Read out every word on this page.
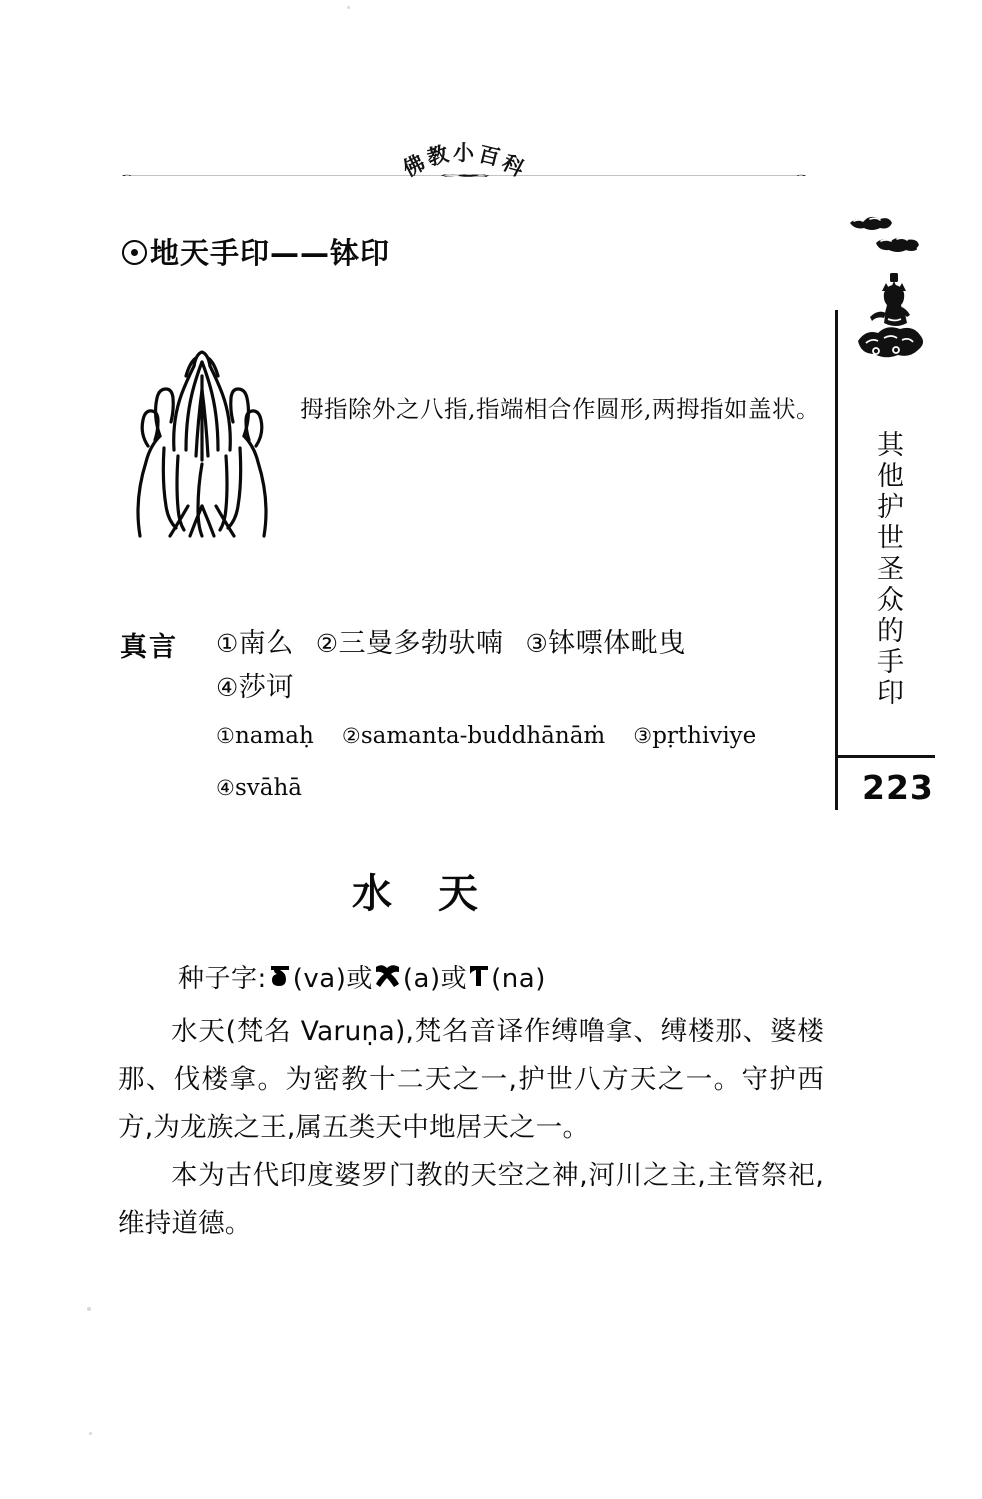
佛
教 小 百
科
地天手印——钵印
拇指除外之八指,指端相合作圆形,两拇指如盖状。
真言 ①南么 ②三曼多勃驮喃 ③钵嘌体毗曳
④莎诃
①namaḥ ②samanta-buddhānāṁ ③pṛthiviye
④svāhā
水天
种子字: (va)或 (a)或 (na)

水天(梵名 Varuṇa),梵名音译作缚噜拿、缚楼那、婆楼那、伐楼拿。为密教十二天之一,护世八方天之一。守护西方,为龙族之王,属五类天中地居天之一。

本为古代印度婆罗门教的天空之神,河川之主,主管祭祀,维持道德。

其他护世圣众的手印
223
